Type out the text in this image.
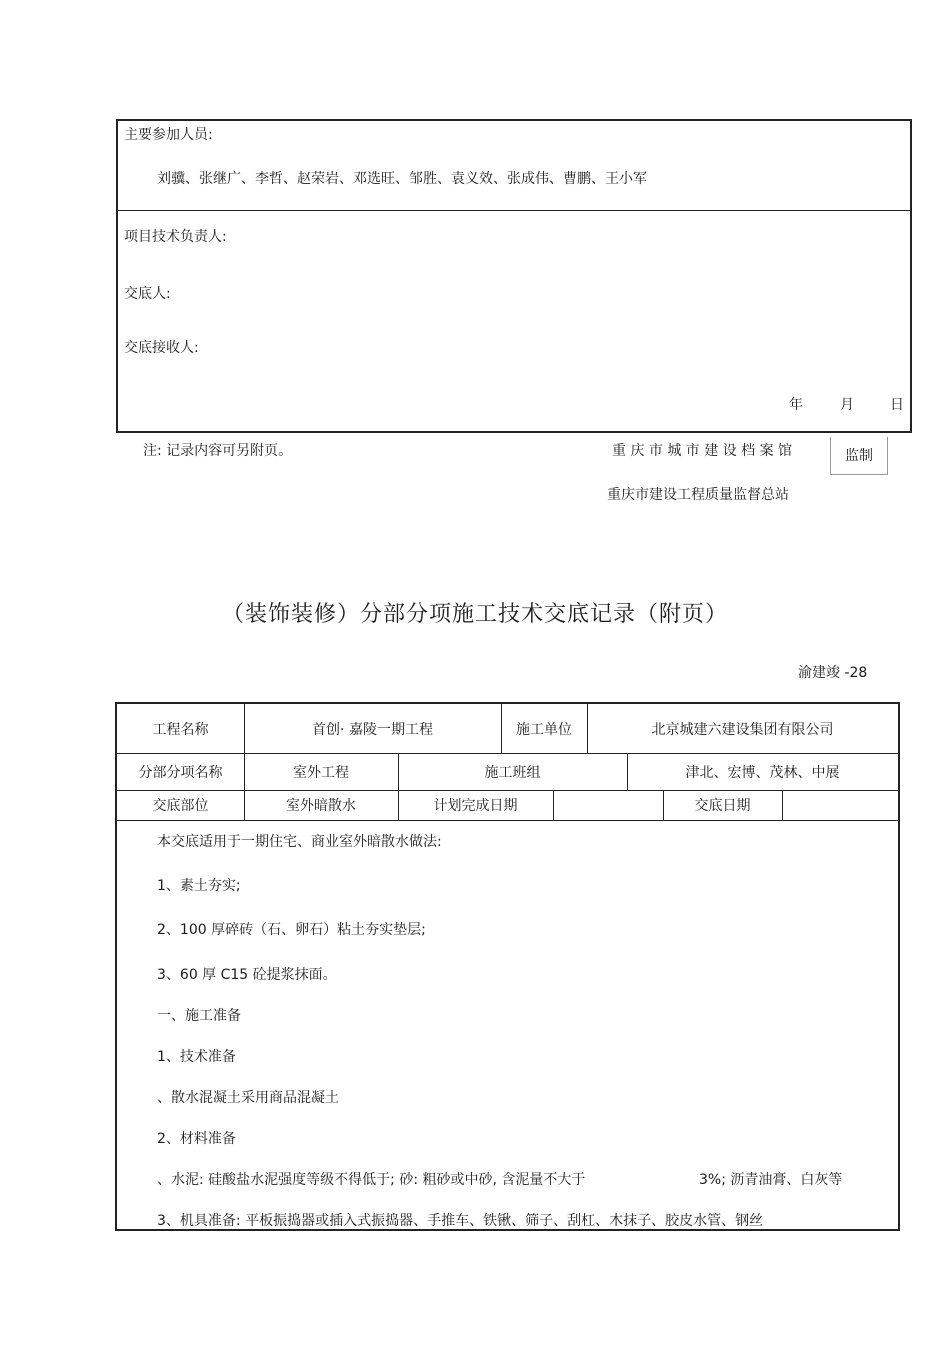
主要参加人员:
刘骥、张继广、李哲、赵荣岩、邓选旺、邹胜、袁义效、张成伟、曹鹏、王小军
项目技术负责人:
交底人:
交底接收人:
年	月	日
注: 记录内容可另附页。	重 庆 市 城 市 建 设 档 案 馆	监制
重庆市建设工程质量监督总站
（装饰装修）分部分项施工技术交底记录（附页）
渝建竣 -28
工程名称	首创· 嘉陵一期工程	施工单位	北京城建六建设集团有限公司
分部分项名称	室外工程	施工班组	津北、宏博、茂林、中展
交底部位	室外暗散水	计划完成日期	交底日期
本交底适用于一期住宅、商业室外暗散水做法:
1、素土夯实;
2、100 厚碎砖（石、卵石）粘土夯实垫层;
3、60 厚 C15 砼提浆抹面。
一、施工准备
1、技术准备
、散水混凝土采用商品混凝土
2、材料准备
、水泥: 硅酸盐水泥强度等级不得低于; 砂: 粗砂或中砂, 含泥量不大于	3%; 沥青油膏、白灰等
3、机具准备: 平板振捣器或插入式振捣器、手推车、铁锹、筛子、刮杠、木抹子、胶皮水管、钢丝
